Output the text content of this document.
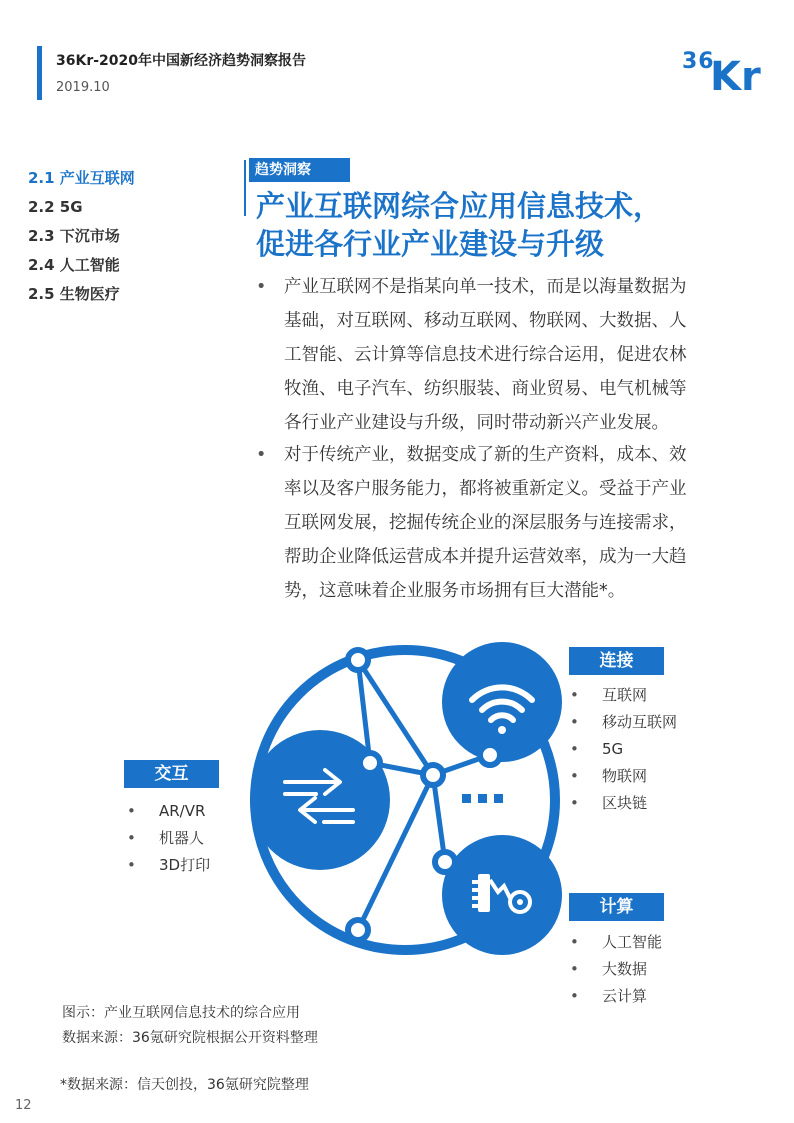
36Kr-2020年中国新经济趋势洞察报告
2019.10
36
Kr
2.1 产业互联网
2.2 5G
2.3 下沉市场
2.4 人工智能
2.5 生物医疗
趋势洞察
产业互联网综合应用信息技术，
促进各行业产业建设与升级
•	产业互联网不是指某向单一技术，而是以海量数据为
基础，对互联网、移动互联网、物联网、大数据、人
工智能、云计算等信息技术进行综合运用，促进农林
牧渔、电子汽车、纺织服装、商业贸易、电气机械等
各行业产业建设与升级，同时带动新兴产业发展。
•	对于传统产业，数据变成了新的生产资料，成本、效
率以及客户服务能力，都将被重新定义。受益于产业
互联网发展，挖掘传统企业的深层服务与连接需求，
帮助企业降低运营成本并提升运营效率，成为一大趋
势，这意味着企业服务市场拥有巨大潜能*。
连接
• 互联网
• 移动互联网
• 5G
• 物联网
• 区块链
交互
• AR/VR
• 机器人
• 3D打印
计算
• 人工智能
• 大数据
• 云计算
图示：产业互联网信息技术的综合应用
数据来源：36氪研究院根据公开资料整理
*数据来源：信天创投，36氪研究院整理
12
